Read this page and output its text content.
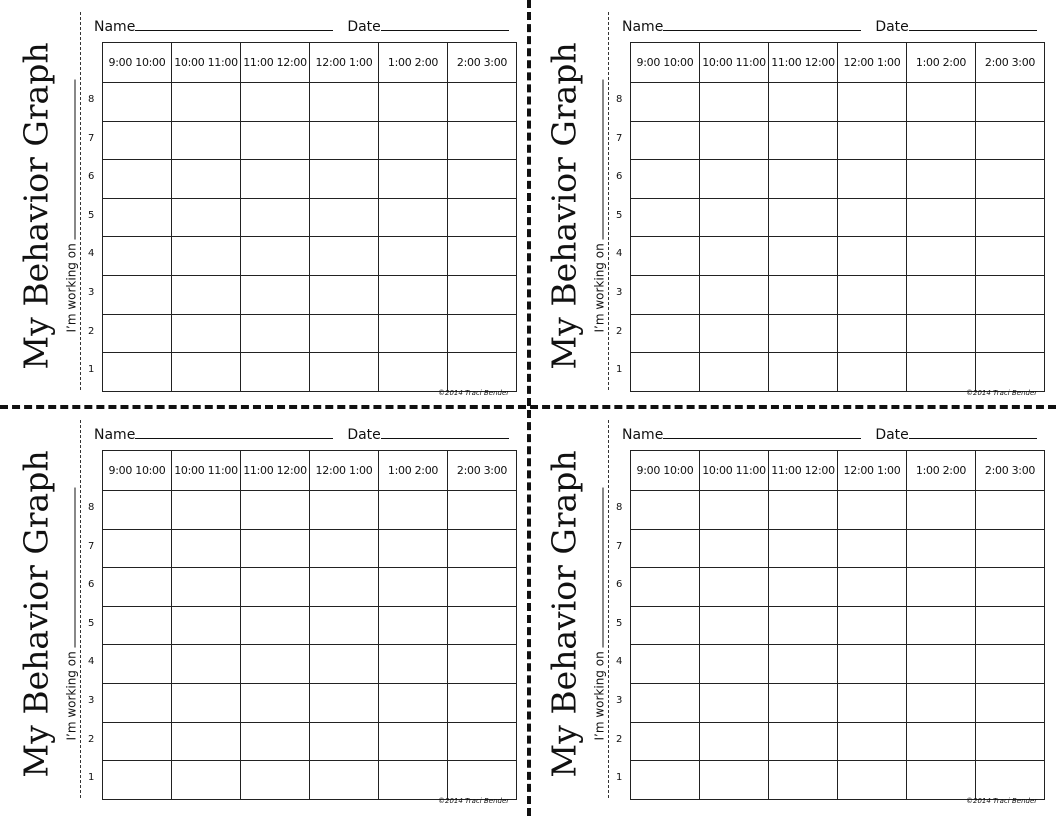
My Behavior Graph I’m working on
Name	Date
9:00 10:00	10:00 11:00	11:00 12:00	12:00 1:00	1:00 2:00	2:00 3:00

8
7
6
5
4
3
2
1
©2014 Traci Bender
My Behavior Graph I’m working on
Name	Date
9:00 10:00	10:00 11:00	11:00 12:00	12:00 1:00	1:00 2:00	2:00 3:00

8
7
6
5
4
3
2
1
©2014 Traci Bender
My Behavior Graph I’m working on
Name	Date
9:00 10:00	10:00 11:00	11:00 12:00	12:00 1:00	1:00 2:00	2:00 3:00

8
7
6
5
4
3
2
1
©2014 Traci Bender
My Behavior Graph I’m working on
Name	Date
9:00 10:00	10:00 11:00	11:00 12:00	12:00 1:00	1:00 2:00	2:00 3:00

8
7
6
5
4
3
2
1
©2014 Traci Bender
